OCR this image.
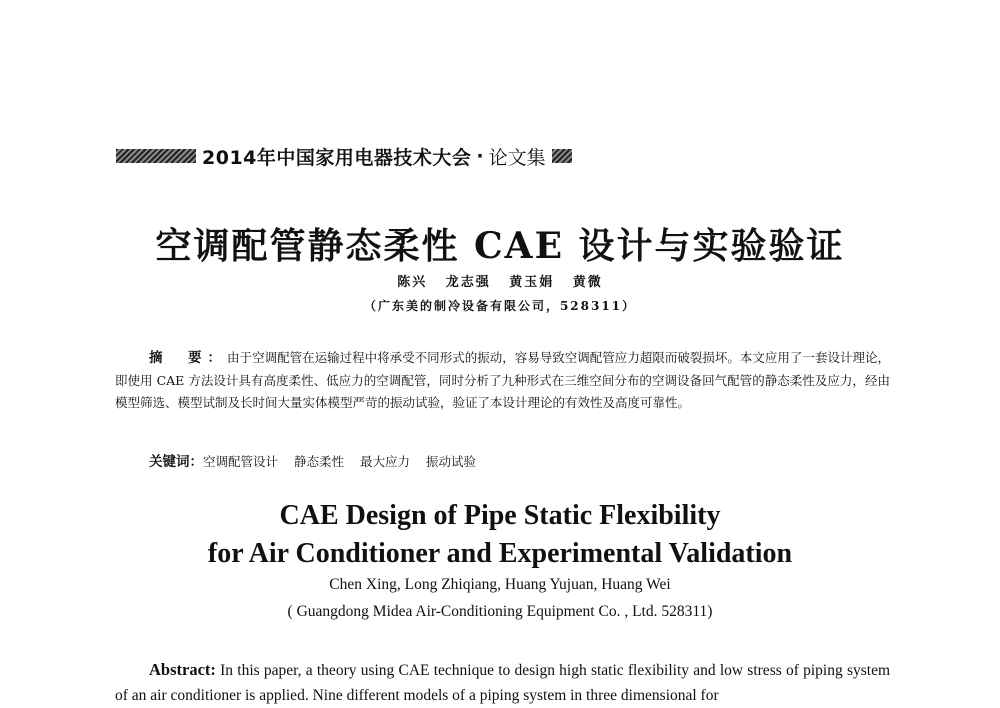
2014年中国家用电器技术大会 · 论文集
空调配管静态柔性 CAE 设计与实验验证
陈兴 龙志强 黄玉娟 黄微
（广东美的制冷设备有限公司，528311）
摘　要：由于空调配管在运输过程中将承受不同形式的振动，容易导致空调配管应力超限而破裂损坏。本文应用了一套设计理论，即使用 CAE 方法设计具有高度柔性、低应力的空调配管，同时分析了九种形式在三维空间分布的空调设备回气配管的静态柔性及应力，经由模型筛选、模型试制及长时间大量实体模型严苛的振动试验，验证了本设计理论的有效性及高度可靠性。
关键词：空调配管设计 静态柔性 最大应力 振动试验
CAE Design of Pipe Static Flexibility
for Air Conditioner and Experimental Validation
Chen Xing, Long Zhiqiang, Huang Yujuan, Huang Wei
( Guangdong Midea Air-Conditioning Equipment Co. , Ltd. 528311)
Abstract: In this paper, a theory using CAE technique to design high static flexibility and low stress of piping system of an air conditioner is applied. Nine different models of a piping system in three dimensional for
